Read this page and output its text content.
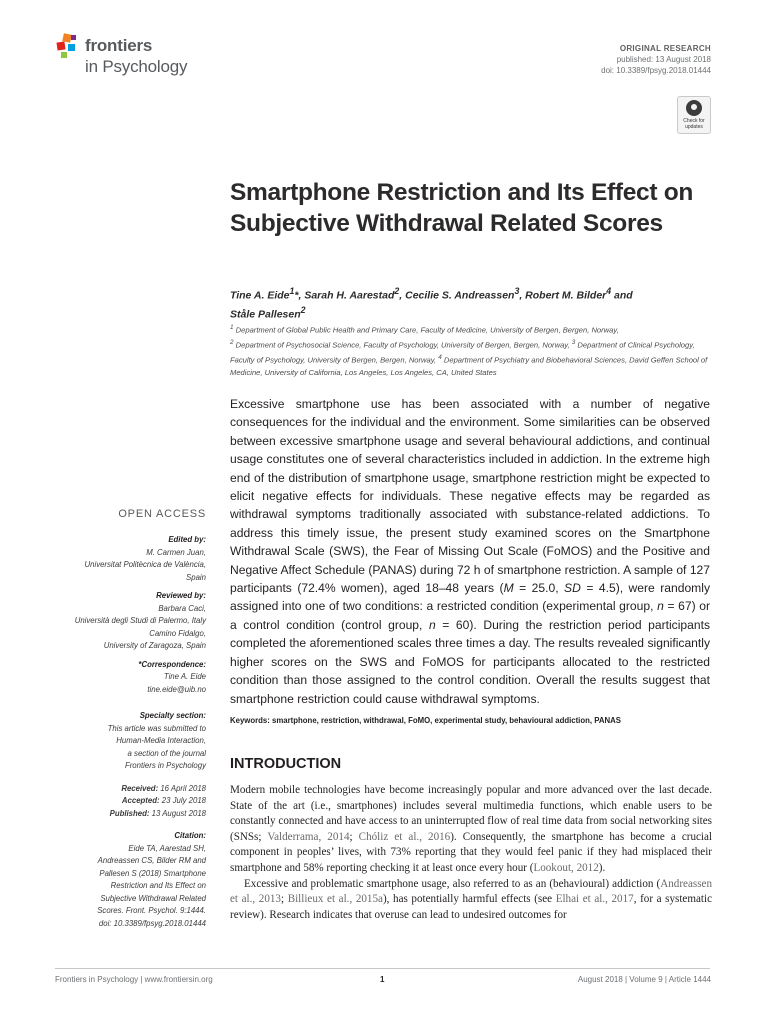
frontiers
in Psychology
ORIGINAL RESEARCH
published: 13 August 2018
doi: 10.3389/fpsyg.2018.01444
Check for updates
Smartphone Restriction and Its Effect on Subjective Withdrawal Related Scores
Tine A. Eide$^1$*, Sarah H. Aarestad$^2$, Cecilie S. Andreassen$^3$, Robert M. Bilder$^4$ and
Ståle Pallesen$^2$
$^1$ Department of Global Public Health and Primary Care, Faculty of Medicine, University of Bergen, Bergen, Norway,
$^2$ Department of Psychosocial Science, Faculty of Psychology, University of Bergen, Bergen, Norway, $^3$ Department of Clinical Psychology, Faculty of Psychology, University of Bergen, Bergen, Norway, $^4$ Department of Psychiatry and Biobehavioral Sciences, David Geffen School of Medicine, University of California, Los Angeles, Los Angeles, CA, United States
Excessive smartphone use has been associated with a number of negative consequences for the individual and the environment. Some similarities can be observed between excessive smartphone usage and several behavioural addictions, and continual usage constitutes one of several characteristics included in addiction. In the extreme high end of the distribution of smartphone usage, smartphone restriction might be expected to elicit negative effects for individuals. These negative effects may be regarded as withdrawal symptoms traditionally associated with substance-related addictions. To address this timely issue, the present study examined scores on the Smartphone Withdrawal Scale (SWS), the Fear of Missing Out Scale (FoMOS) and the Positive and Negative Affect Schedule (PANAS) during 72 h of smartphone restriction. A sample of 127 participants (72.4% women), aged 18–48 years (M = 25.0, SD = 4.5), were randomly assigned into one of two conditions: a restricted condition (experimental group, n = 67) or a control condition (control group, n = 60). During the restriction period participants completed the aforementioned scales three times a day. The results revealed significantly higher scores on the SWS and FoMOS for participants allocated to the restricted condition than those assigned to the control condition. Overall the results suggest that smartphone restriction could cause withdrawal symptoms.
Keywords: smartphone, restriction, withdrawal, FoMO, experimental study, behavioural addiction, PANAS
OPEN ACCESS
Edited by:
M. Carmen Juan,
Universitat Politècnica de València,
Spain
Reviewed by:
Barbara Caci,
Università degli Studi di Palermo, Italy
Camino Fidalgo,
University of Zaragoza, Spain
*Correspondence:
Tine A. Eide
tine.eide@uib.no
Specialty section:
This article was submitted to
Human-Media Interaction,
a section of the journal
Frontiers in Psychology
Received: 16 April 2018
Accepted: 23 July 2018
Published: 13 August 2018
Citation:
Eide TA, Aarestad SH,
Andreassen CS, Bilder RM and
Pallesen S (2018) Smartphone
Restriction and Its Effect on
Subjective Withdrawal Related
Scores. Front. Psychol. 9:1444.
doi: 10.3389/fpsyg.2018.01444
INTRODUCTION

Modern mobile technologies have become increasingly popular and more advanced over the last decade. State of the art (i.e., smartphones) includes several multimedia functions, which enable users to be constantly connected and have access to an uninterrupted flow of real time data from social networking sites (SNSs; Valderrama, 2014; Chóliz et al., 2016). Consequently, the smartphone has become a crucial component in peoples’ lives, with 73% reporting that they would feel panic if they had misplaced their smartphone and 58% reporting checking it at least once every hour (Lookout, 2012).

Excessive and problematic smartphone usage, also referred to as an (behavioural) addiction (Andreassen et al., 2013; Billieux et al., 2015a), has potentially harmful effects (see Elhai et al., 2017, for a systematic review). Research indicates that overuse can lead to undesired outcomes for

Frontiers in Psychology | www.frontiersin.org	1	August 2018 | Volume 9 | Article 1444
